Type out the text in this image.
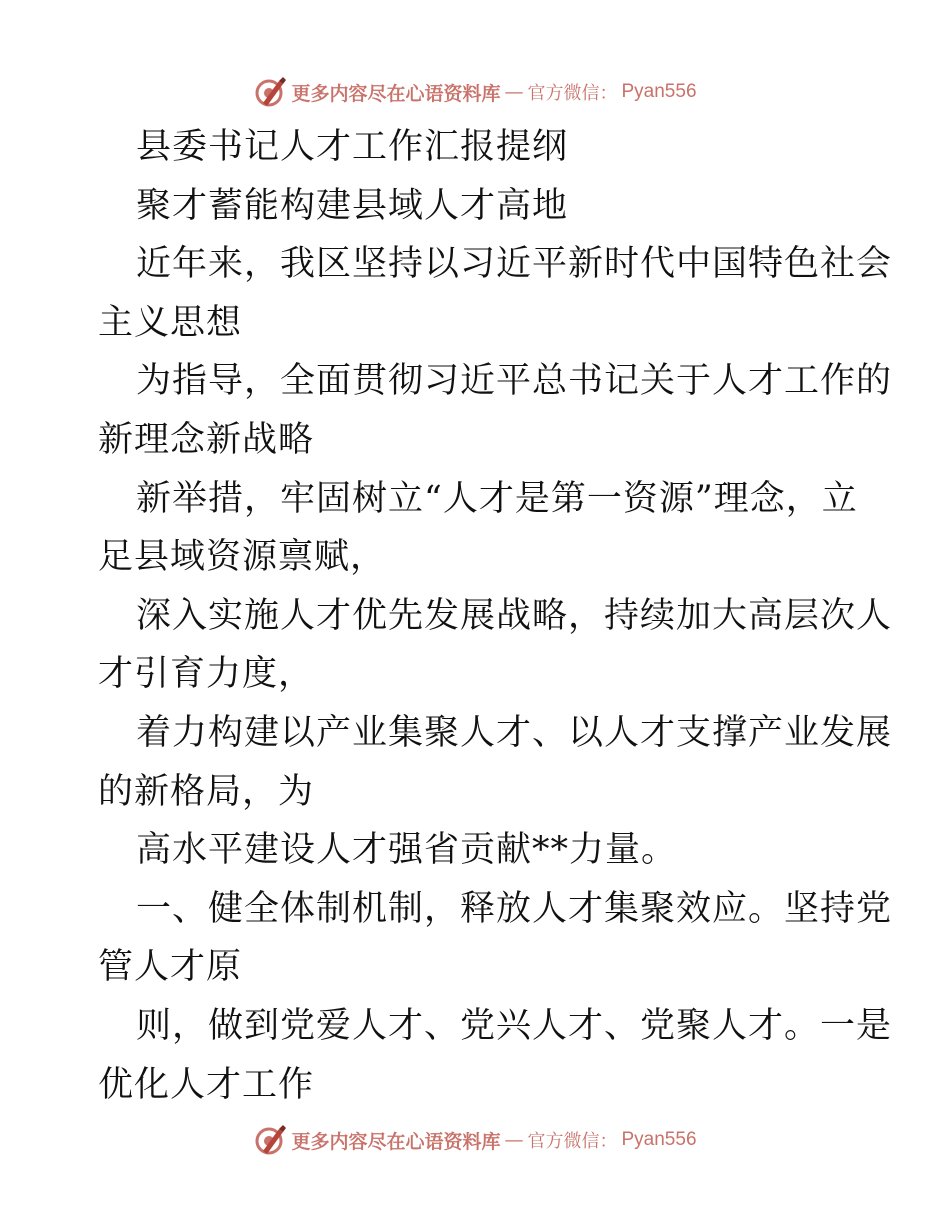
更多内容尽在心语资料库 — 官方微信： Pyan556
县委书记人才工作汇报提纲
聚才蓄能构建县域人才高地
近年来，我区坚持以习近平新时代中国特色社会
主义思想
为指导，全面贯彻习近平总书记关于人才工作的
新理念新战略
新举措，牢固树立“人才是第一资源”理念，立
足县域资源禀赋，
深入实施人才优先发展战略，持续加大高层次人
才引育力度，
着力构建以产业集聚人才、以人才支撑产业发展
的新格局，为
高水平建设人才强省贡献**力量。
一、健全体制机制，释放人才集聚效应。坚持党
管人才原
则，做到党爱人才、党兴人才、党聚人才。一是
优化人才工作
更多内容尽在心语资料库 — 官方微信： Pyan556
